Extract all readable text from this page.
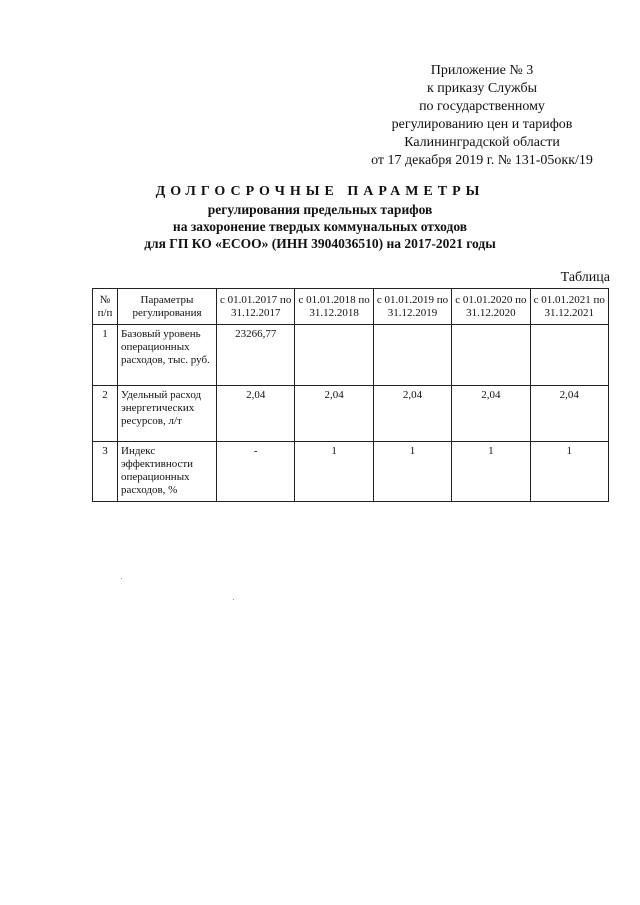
Приложение № 3
к приказу Службы
по государственному
регулированию цен и тарифов
Калининградской области
от 17 декабря 2019 г. № 131-05окк/19
ДОЛГОСРОЧНЫЕ ПАРАМЕТРЫ
регулирования предельных тарифов
на захоронение твердых коммунальных отходов
для ГП КО «ЕСОО» (ИНН 3904036510) на 2017-2021 годы
Таблица
№ п/п	Параметры регулирования	с 01.01.2017 по 31.12.2017	с 01.01.2018 по 31.12.2018	с 01.01.2019 по 31.12.2019	с 01.01.2020 по 31.12.2020	с 01.01.2021 по 31.12.2021
1	Базовый уровень операционных расходов, тыс. руб.	23266,77				
2	Удельный расход энергетических ресурсов, л/т	2,04	2,04	2,04	2,04	2,04
3	Индекс эффективности операционных расходов, %	-	1	1	1	1
